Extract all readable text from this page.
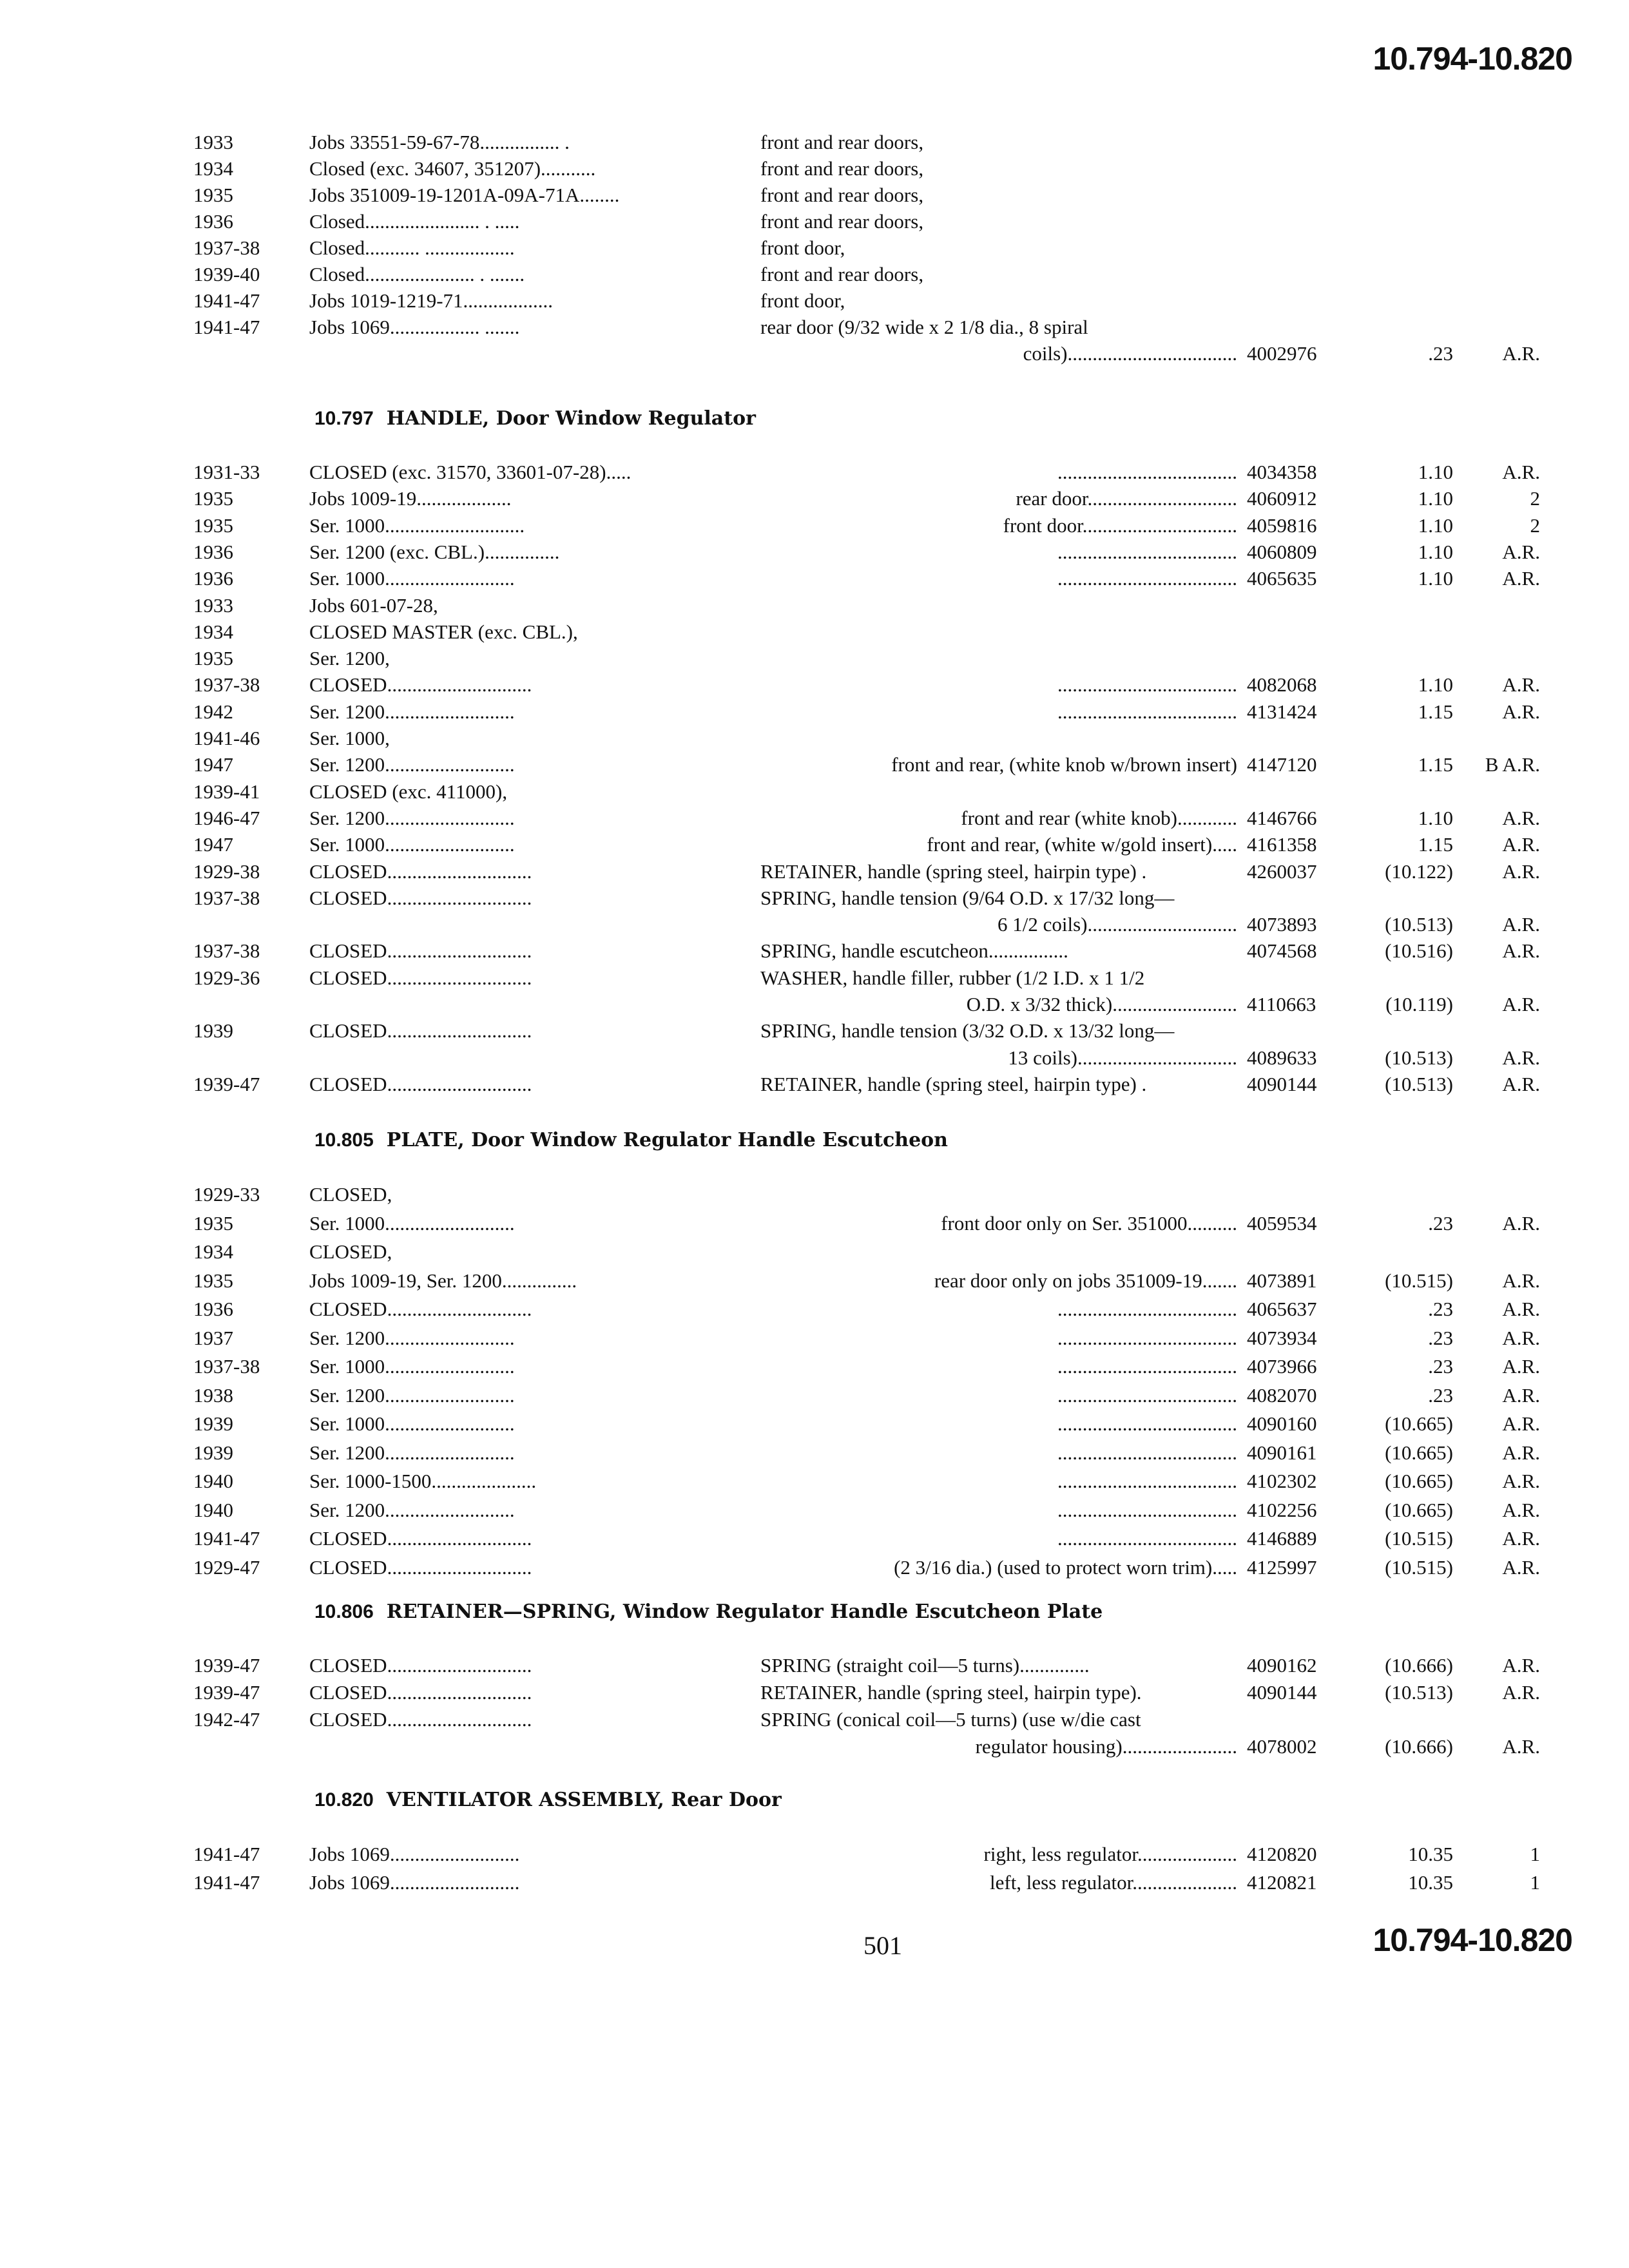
10.794-10.820
1933	Jobs 33551-59-67-78................ .	front and rear doors,
1934	Closed (exc. 34607, 351207)...........	front and rear doors,
1935	Jobs 351009-19-1201A-09A-71A........	front and rear doors,
1936	Closed....................... . .....	front and rear doors,
1937-38	Closed........... ..................	front door,
1939-40	Closed...................... . .......	front and rear doors,
1941-47	Jobs 1019-1219-71..................	front door,
1941-47	Jobs 1069.................. .......	rear door (9/32 wide x 2 1/8 dia., 8 spiral
coils).................................. 4002976	.23	A.R.
10.797 HANDLE, Door Window Regulator
1931-33	CLOSED (exc. 31570, 33601-07-28).....	.................................... 4034358	1.10	A.R.
1935	Jobs 1009-19...................	rear door.............................. 4060912	1.10	2
1935	Ser. 1000............................	front door............................... 4059816	1.10	2
1936	Ser. 1200 (exc. CBL.)...............	.................................... 4060809	1.10	A.R.
1936	Ser. 1000..........................	.................................... 4065635	1.10	A.R.
1933	Jobs 601-07-28,
1934	CLOSED MASTER (exc. CBL.),
1935	Ser. 1200,
1937-38	CLOSED.............................	.................................... 4082068	1.10	A.R.
1942	Ser. 1200..........................	.................................... 4131424	1.15	A.R.
1941-46	Ser. 1000,
1947	Ser. 1200..........................	front and rear, (white knob w/brown insert) 4147120	1.15	B A.R.
1939-41	CLOSED (exc. 411000),
1946-47	Ser. 1200..........................	front and rear (white knob)............ 4146766	1.10	A.R.
1947	Ser. 1000..........................	front and rear, (white w/gold insert)..... 4161358	1.15	A.R.
1929-38	CLOSED.............................	RETAINER, handle (spring steel, hairpin type) .	4260037	(10.122)	A.R.
1937-38	CLOSED.............................	SPRING, handle tension (9/64 O.D. x 17/32 long—
6 1/2 coils).............................. 4073893	(10.513)	A.R.
1937-38	CLOSED.............................	SPRING, handle escutcheon................	4074568	(10.516)	A.R.
1929-36	CLOSED.............................	WASHER, handle filler, rubber (1/2 I.D. x 1 1/2
O.D. x 3/32 thick)......................... 4110663	(10.119)	A.R.
1939	CLOSED.............................	SPRING, handle tension (3/32 O.D. x 13/32 long—
13 coils)................................ 4089633	(10.513)	A.R.
1939-47	CLOSED.............................	RETAINER, handle (spring steel, hairpin type) .	4090144	(10.513)	A.R.
10.805 PLATE, Door Window Regulator Handle Escutcheon
1929-33	CLOSED,
1935	Ser. 1000..........................	front door only on Ser. 351000.......... 4059534	.23	A.R.
1934	CLOSED,
1935	Jobs 1009-19, Ser. 1200...............	rear door only on jobs 351009-19....... 4073891	(10.515)	A.R.
1936	CLOSED.............................	.................................... 4065637	.23	A.R.
1937	Ser. 1200..........................	.................................... 4073934	.23	A.R.
1937-38	Ser. 1000..........................	.................................... 4073966	.23	A.R.
1938	Ser. 1200..........................	.................................... 4082070	.23	A.R.
1939	Ser. 1000..........................	.................................... 4090160	(10.665)	A.R.
1939	Ser. 1200..........................	.................................... 4090161	(10.665)	A.R.
1940	Ser. 1000-1500.....................	.................................... 4102302	(10.665)	A.R.
1940	Ser. 1200..........................	.................................... 4102256	(10.665)	A.R.
1941-47	CLOSED.............................	.................................... 4146889	(10.515)	A.R.
1929-47	CLOSED.............................	(2 3/16 dia.) (used to protect worn trim)..... 4125997	(10.515)	A.R.
10.806 RETAINER—SPRING, Window Regulator Handle Escutcheon Plate
1939-47	CLOSED.............................	SPRING (straight coil—5 turns)..............	4090162	(10.666)	A.R.
1939-47	CLOSED.............................	RETAINER, handle (spring steel, hairpin type).	4090144	(10.513)	A.R.
1942-47	CLOSED.............................	SPRING (conical coil—5 turns) (use w/die cast
regulator housing)....................... 4078002	(10.666)	A.R.
10.820 VENTILATOR ASSEMBLY, Rear Door
1941-47	Jobs 1069..........................	right, less regulator.................... 4120820	10.35	1
1941-47	Jobs 1069..........................	left, less regulator..................... 4120821	10.35	1
501	10.794-10.820
